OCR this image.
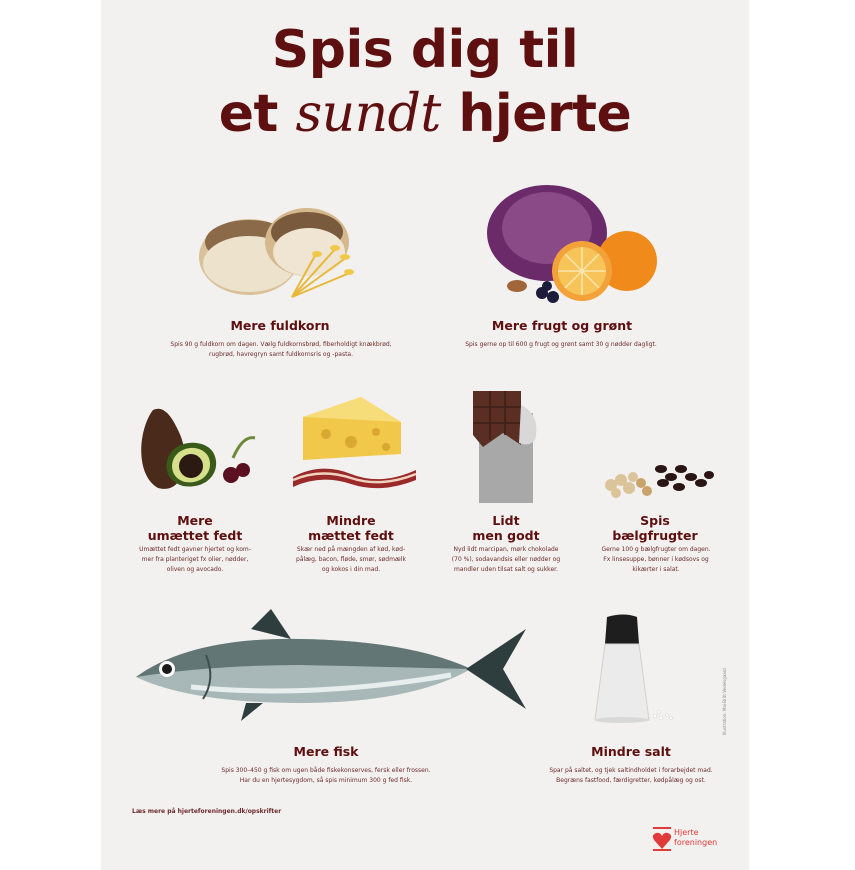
Spis dig til
et sundt hjerte
Mere fuldkorn
Spis 90 g fuldkorn om dagen. Vælg fuldkornsbrød, fiberholdigt knækbrød,
rugbrød, havregryn samt fuldkornsris og -pasta.
Mere frugt og grønt
Spis gerne op til 600 g frugt og grønt samt 30 g nødder dagligt.
Mere
umættet fedt
Umættet fedt gavner hjertet og kom-
mer fra planteriget fx olier, nødder,
oliven og avocado.
Mindre
mættet fedt
Skær ned på mængden af kød, kød-
pålæg, bacon, fløde, smør, sødmælk
og kokos i din mad.
Lidt
men godt
Nyd lidt marcipan, mørk chokolade
(70 %), sodavandsis eller nødder og
mandler uden tilsat salt og sukker.
Spis
bælgfrugter
Gerne 100 g bælgfrugter om dagen.
Fx linsesuppe, bønner i kødsovs og
kikærter i salat.
Mere fisk
Spis 300–450 g fisk om ugen både fiskekonserves, fersk eller frossen.
Har du en hjertesygdom, så spis minimum 300 g fed fisk.
Mindre salt
Spar på saltet, og tjek saltindholdet i forarbejdet mad.
Begræns fastfood, færdigretter, kødpålæg og ost.
Læs mere på hjerteforeningen.dk/opskrifter
Illustration: Mai-Britt Vedelsgaard
Hjerte
foreningen
